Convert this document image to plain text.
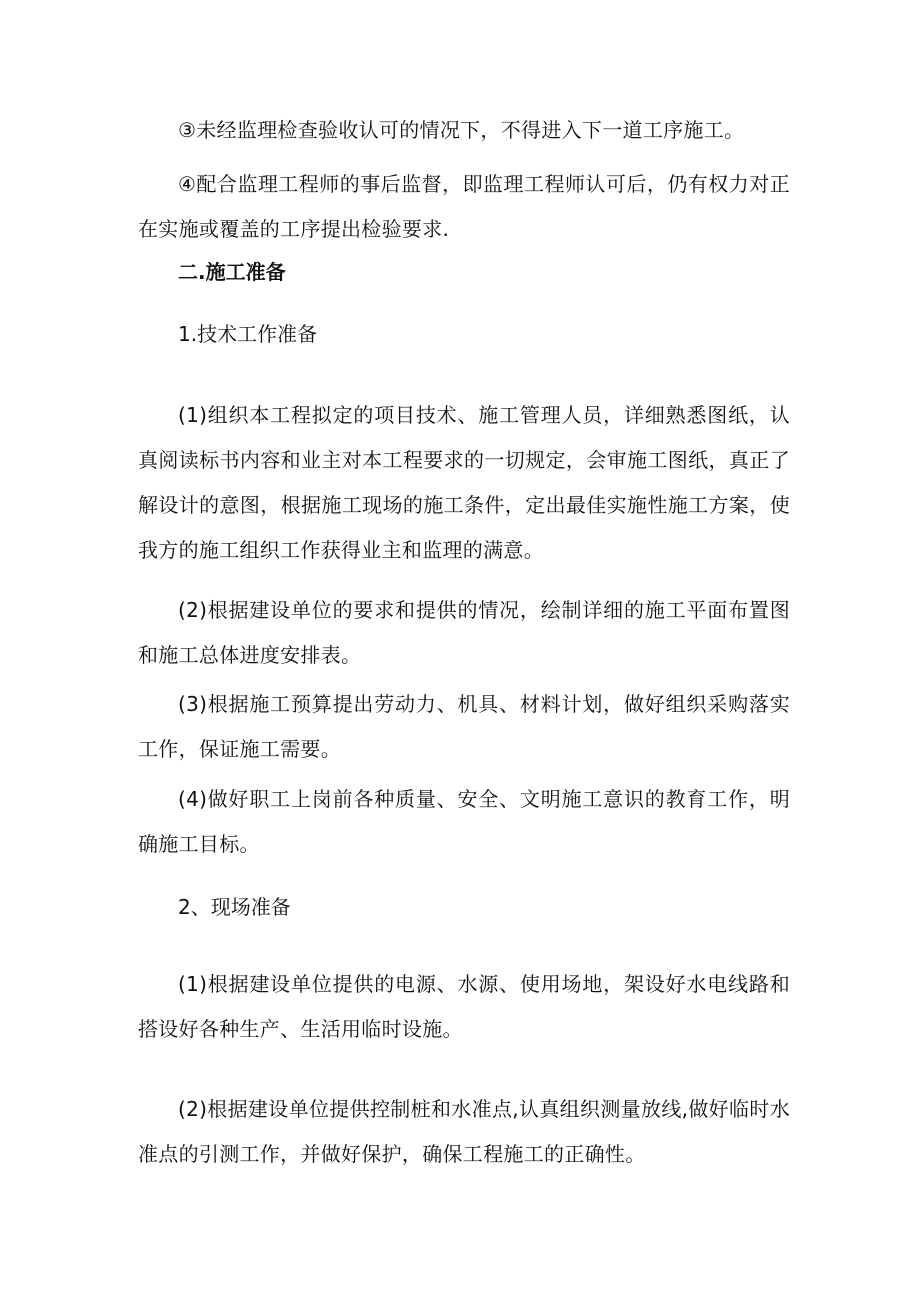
③未经监理检查验收认可的情况下，不得进入下一道工序施工。

④配合监理工程师的事后监督，即监理工程师认可后，仍有权力对正在实施或覆盖的工序提出检验要求.

二.施工准备

1.技术工作准备

(1)组织本工程拟定的项目技术、施工管理人员，详细熟悉图纸，认真阅读标书内容和业主对本工程要求的一切规定，会审施工图纸，真正了解设计的意图，根据施工现场的施工条件，定出最佳实施性施工方案，使我方的施工组织工作获得业主和监理的满意。

(2)根据建设单位的要求和提供的情况，绘制详细的施工平面布置图和施工总体进度安排表。

(3)根据施工预算提出劳动力、机具、材料计划，做好组织采购落实工作，保证施工需要。

(4)做好职工上岗前各种质量、安全、文明施工意识的教育工作，明确施工目标。

2、现场准备

(1)根据建设单位提供的电源、水源、使用场地，架设好水电线路和搭设好各种生产、生活用临时设施。

(2)根据建设单位提供控制桩和水准点,认真组织测量放线,做好临时水准点的引测工作，并做好保护，确保工程施工的正确性。
